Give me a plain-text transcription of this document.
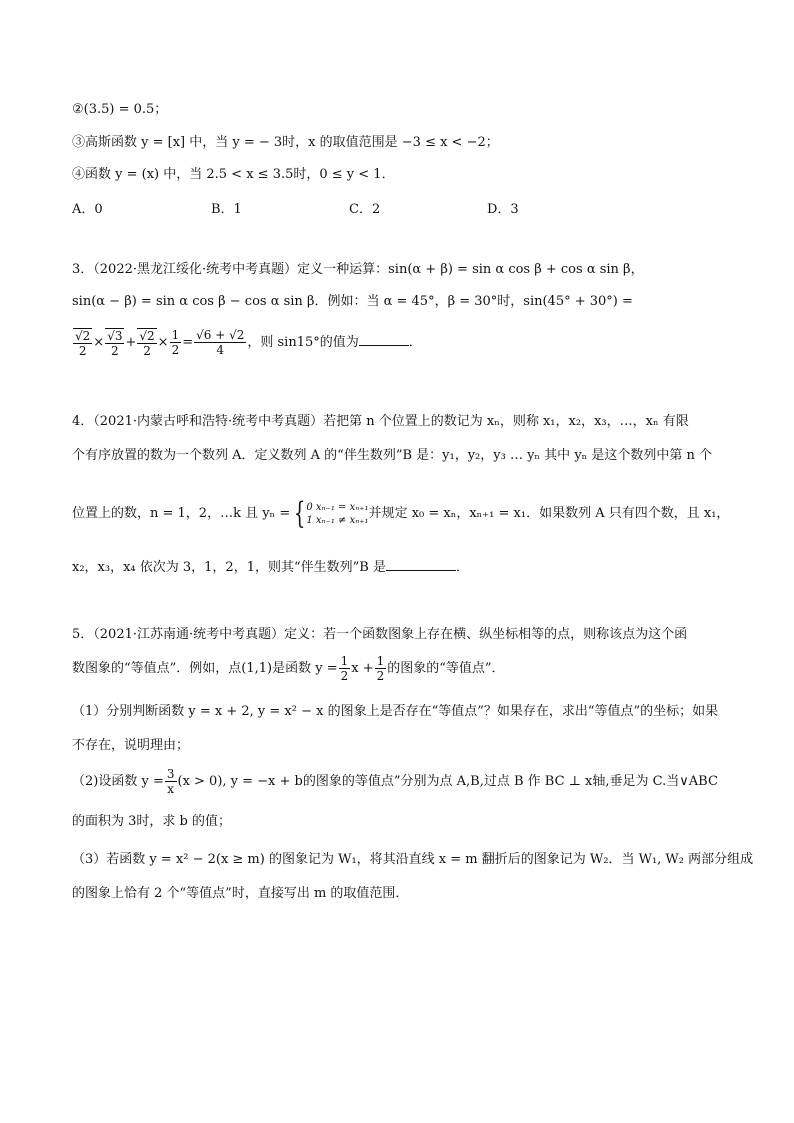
②(3.5) = 0.5；
③高斯函数 y = [x] 中，当 y = − 3时，x 的取值范围是 −3 ≤ x < −2；
④函数 y = (x) 中，当 2.5 < x ≤ 3.5时，0 ≤ y < 1．
A．0	B．1	C．2	D．3
3．（2022·黑龙江绥化·统考中考真题）定义一种运算：sin(α + β) = sin α cos β + cos α sin β，
sin(α − β) = sin α cos β − cos α sin β．例如：当 α = 45°，β = 30°时，sin(45° + 30°) =
$\frac{√2}{2} \times \frac{√3}{2} + \frac{√2}{2} \times \frac{1}{2} = \frac{√6 + √2}{4}$ ，则 sin15°的值为	．
4．（2021·内蒙古呼和浩特·统考中考真题）若把第 n 个位置上的数记为 xₙ，则称 x₁，x₂，x₃，…，xₙ 有限
个有序放置的数为一个数列 A．定义数列 A 的“伴生数列”B 是：y₁，y₂，y₃ … yₙ 其中 yₙ 是这个数列中第 n 个
位置上的数，n = 1，2，…k 且 yₙ = { 0 xₙ₋₁ = xₙ₊₁
1 xₙ₋₁ ≠ xₙ₊₁ 并规定 x₀ = xₙ，xₙ₊₁ = x₁．如果数列 A 只有四个数，且 x₁，
x₂，x₃，x₄ 依次为 3，1，2，1，则其“伴生数列”B 是	．
5．（2021·江苏南通·统考中考真题）定义：若一个函数图象上存在横、纵坐标相等的点，则称该点为这个函
数图象的“等值点”．例如，点(1,1)是函数 $y = \frac{1}{2}$ $x + \frac{1}{2}$ 的图象的“等值点”．
（1）分别判断函数 y = x + 2, y = x² − x 的图象上是否存在“等值点”？如果存在，求出“等值点”的坐标；如果
不存在，说明理由；
（2)设函数 $y = \frac{3}{x} (x > 0)$, y = −x + b的图象的等值点”分别为点 A,B,过点 B 作 BC ⊥ x轴,垂足为 C.当∨ABC
的面积为 3时，求 b 的值；
（3）若函数 y = x² − 2(x ≥ m) 的图象记为 W₁，将其沿直线 x = m 翻折后的图象记为 W₂．当 W₁, W₂ 两部分组成
的图象上恰有 2 个“等值点”时，直接写出 m 的取值范围．
